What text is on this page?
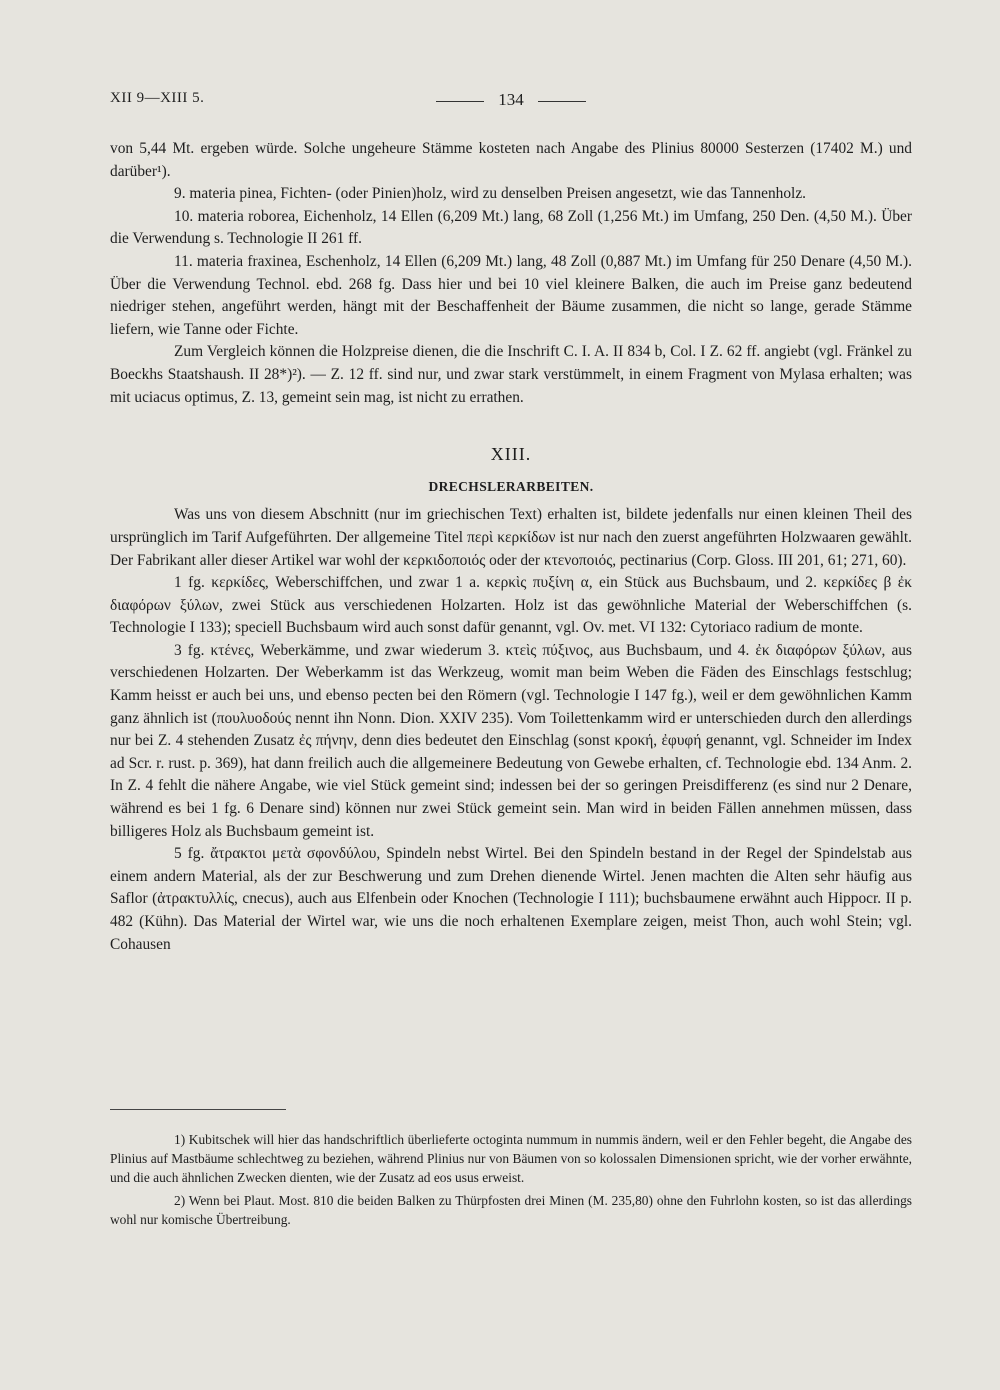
XII 9—XIII 5.	134

von 5,44 Mt. ergeben würde. Solche ungeheure Stämme kosteten nach Angabe des Plinius 80000 Sesterzen (17402 M.) und darüber¹).

9. materia pinea, Fichten- (oder Pinien)holz, wird zu denselben Preisen angesetzt, wie das Tannenholz.

10. materia roborea, Eichenholz, 14 Ellen (6,209 Mt.) lang, 68 Zoll (1,256 Mt.) im Umfang, 250 Den. (4,50 M.). Über die Verwendung s. Technologie II 261 ff.

11. materia fraxinea, Eschenholz, 14 Ellen (6,209 Mt.) lang, 48 Zoll (0,887 Mt.) im Umfang für 250 Denare (4,50 M.). Über die Verwendung Technol. ebd. 268 fg. Dass hier und bei 10 viel kleinere Balken, die auch im Preise ganz bedeutend niedriger stehen, angeführt werden, hängt mit der Beschaffenheit der Bäume zusammen, die nicht so lange, gerade Stämme liefern, wie Tanne oder Fichte.

Zum Vergleich können die Holzpreise dienen, die die Inschrift C. I. A. II 834 b, Col. I Z. 62 ff. angiebt (vgl. Fränkel zu Boeckhs Staatshaush. II 28*)²). — Z. 12 ff. sind nur, und zwar stark verstümmelt, in einem Fragment von Mylasa erhalten; was mit uciacus optimus, Z. 13, gemeint sein mag, ist nicht zu errathen.

XIII.
DRECHSLERARBEITEN.

Was uns von diesem Abschnitt (nur im griechischen Text) erhalten ist, bildete jedenfalls nur einen kleinen Theil des ursprünglich im Tarif Aufgeführten. Der allgemeine Titel περὶ κερκίδων ist nur nach den zuerst angeführten Holzwaaren gewählt. Der Fabrikant aller dieser Artikel war wohl der κερκιδοποιός oder der κτενοποιός, pectinarius (Corp. Gloss. III 201, 61; 271, 60).

1 fg. κερκίδες, Weberschiffchen, und zwar 1 a. κερκὶς πυξίνη α, ein Stück aus Buchsbaum, und 2. κερκίδες β ἐκ διαφόρων ξύλων, zwei Stück aus verschiedenen Holzarten. Holz ist das gewöhnliche Material der Weberschiffchen (s. Technologie I 133); speciell Buchsbaum wird auch sonst dafür genannt, vgl. Ov. met. VI 132: Cytoriaco radium de monte.

3 fg. κτένες, Weberkämme, und zwar wiederum 3. κτεὶς πύξινος, aus Buchsbaum, und 4. ἐκ διαφόρων ξύλων, aus verschiedenen Holzarten. Der Weberkamm ist das Werkzeug, womit man beim Weben die Fäden des Einschlags festschlug; Kamm heisst er auch bei uns, und ebenso pecten bei den Römern (vgl. Technologie I 147 fg.), weil er dem gewöhnlichen Kamm ganz ähnlich ist (πουλυοδούς nennt ihn Nonn. Dion. XXIV 235). Vom Toilettenkamm wird er unterschieden durch den allerdings nur bei Z. 4 stehenden Zusatz ἐς πήνην, denn dies bedeutet den Einschlag (sonst κροκή, ἐφυφή genannt, vgl. Schneider im Index ad Scr. r. rust. p. 369), hat dann freilich auch die allgemeinere Bedeutung von Gewebe erhalten, cf. Technologie ebd. 134 Anm. 2. In Z. 4 fehlt die nähere Angabe, wie viel Stück gemeint sind; indessen bei der so geringen Preisdifferenz (es sind nur 2 Denare, während es bei 1 fg. 6 Denare sind) können nur zwei Stück gemeint sein. Man wird in beiden Fällen annehmen müssen, dass billigeres Holz als Buchsbaum gemeint ist.

5 fg. ἄτρακτοι μετὰ σφονδύλου, Spindeln nebst Wirtel. Bei den Spindeln bestand in der Regel der Spindelstab aus einem andern Material, als der zur Beschwerung und zum Drehen dienende Wirtel. Jenen machten die Alten sehr häufig aus Saflor (ἀτρακτυλλίς, cnecus), auch aus Elfenbein oder Knochen (Technologie I 111); buchsbaumene erwähnt auch Hippocr. II p. 482 (Kühn). Das Material der Wirtel war, wie uns die noch erhaltenen Exemplare zeigen, meist Thon, auch wohl Stein; vgl. Cohausen

1) Kubitschek will hier das handschriftlich überlieferte octoginta nummum in nummis ändern, weil er den Fehler begeht, die Angabe des Plinius auf Mastbäume schlechtweg zu beziehen, während Plinius nur von Bäumen von so kolossalen Dimensionen spricht, wie der vorher erwähnte, und die auch ähnlichen Zwecken dienten, wie der Zusatz ad eos usus erweist.

2) Wenn bei Plaut. Most. 810 die beiden Balken zu Thürpfosten drei Minen (M. 235,80) ohne den Fuhrlohn kosten, so ist das allerdings wohl nur komische Übertreibung.
